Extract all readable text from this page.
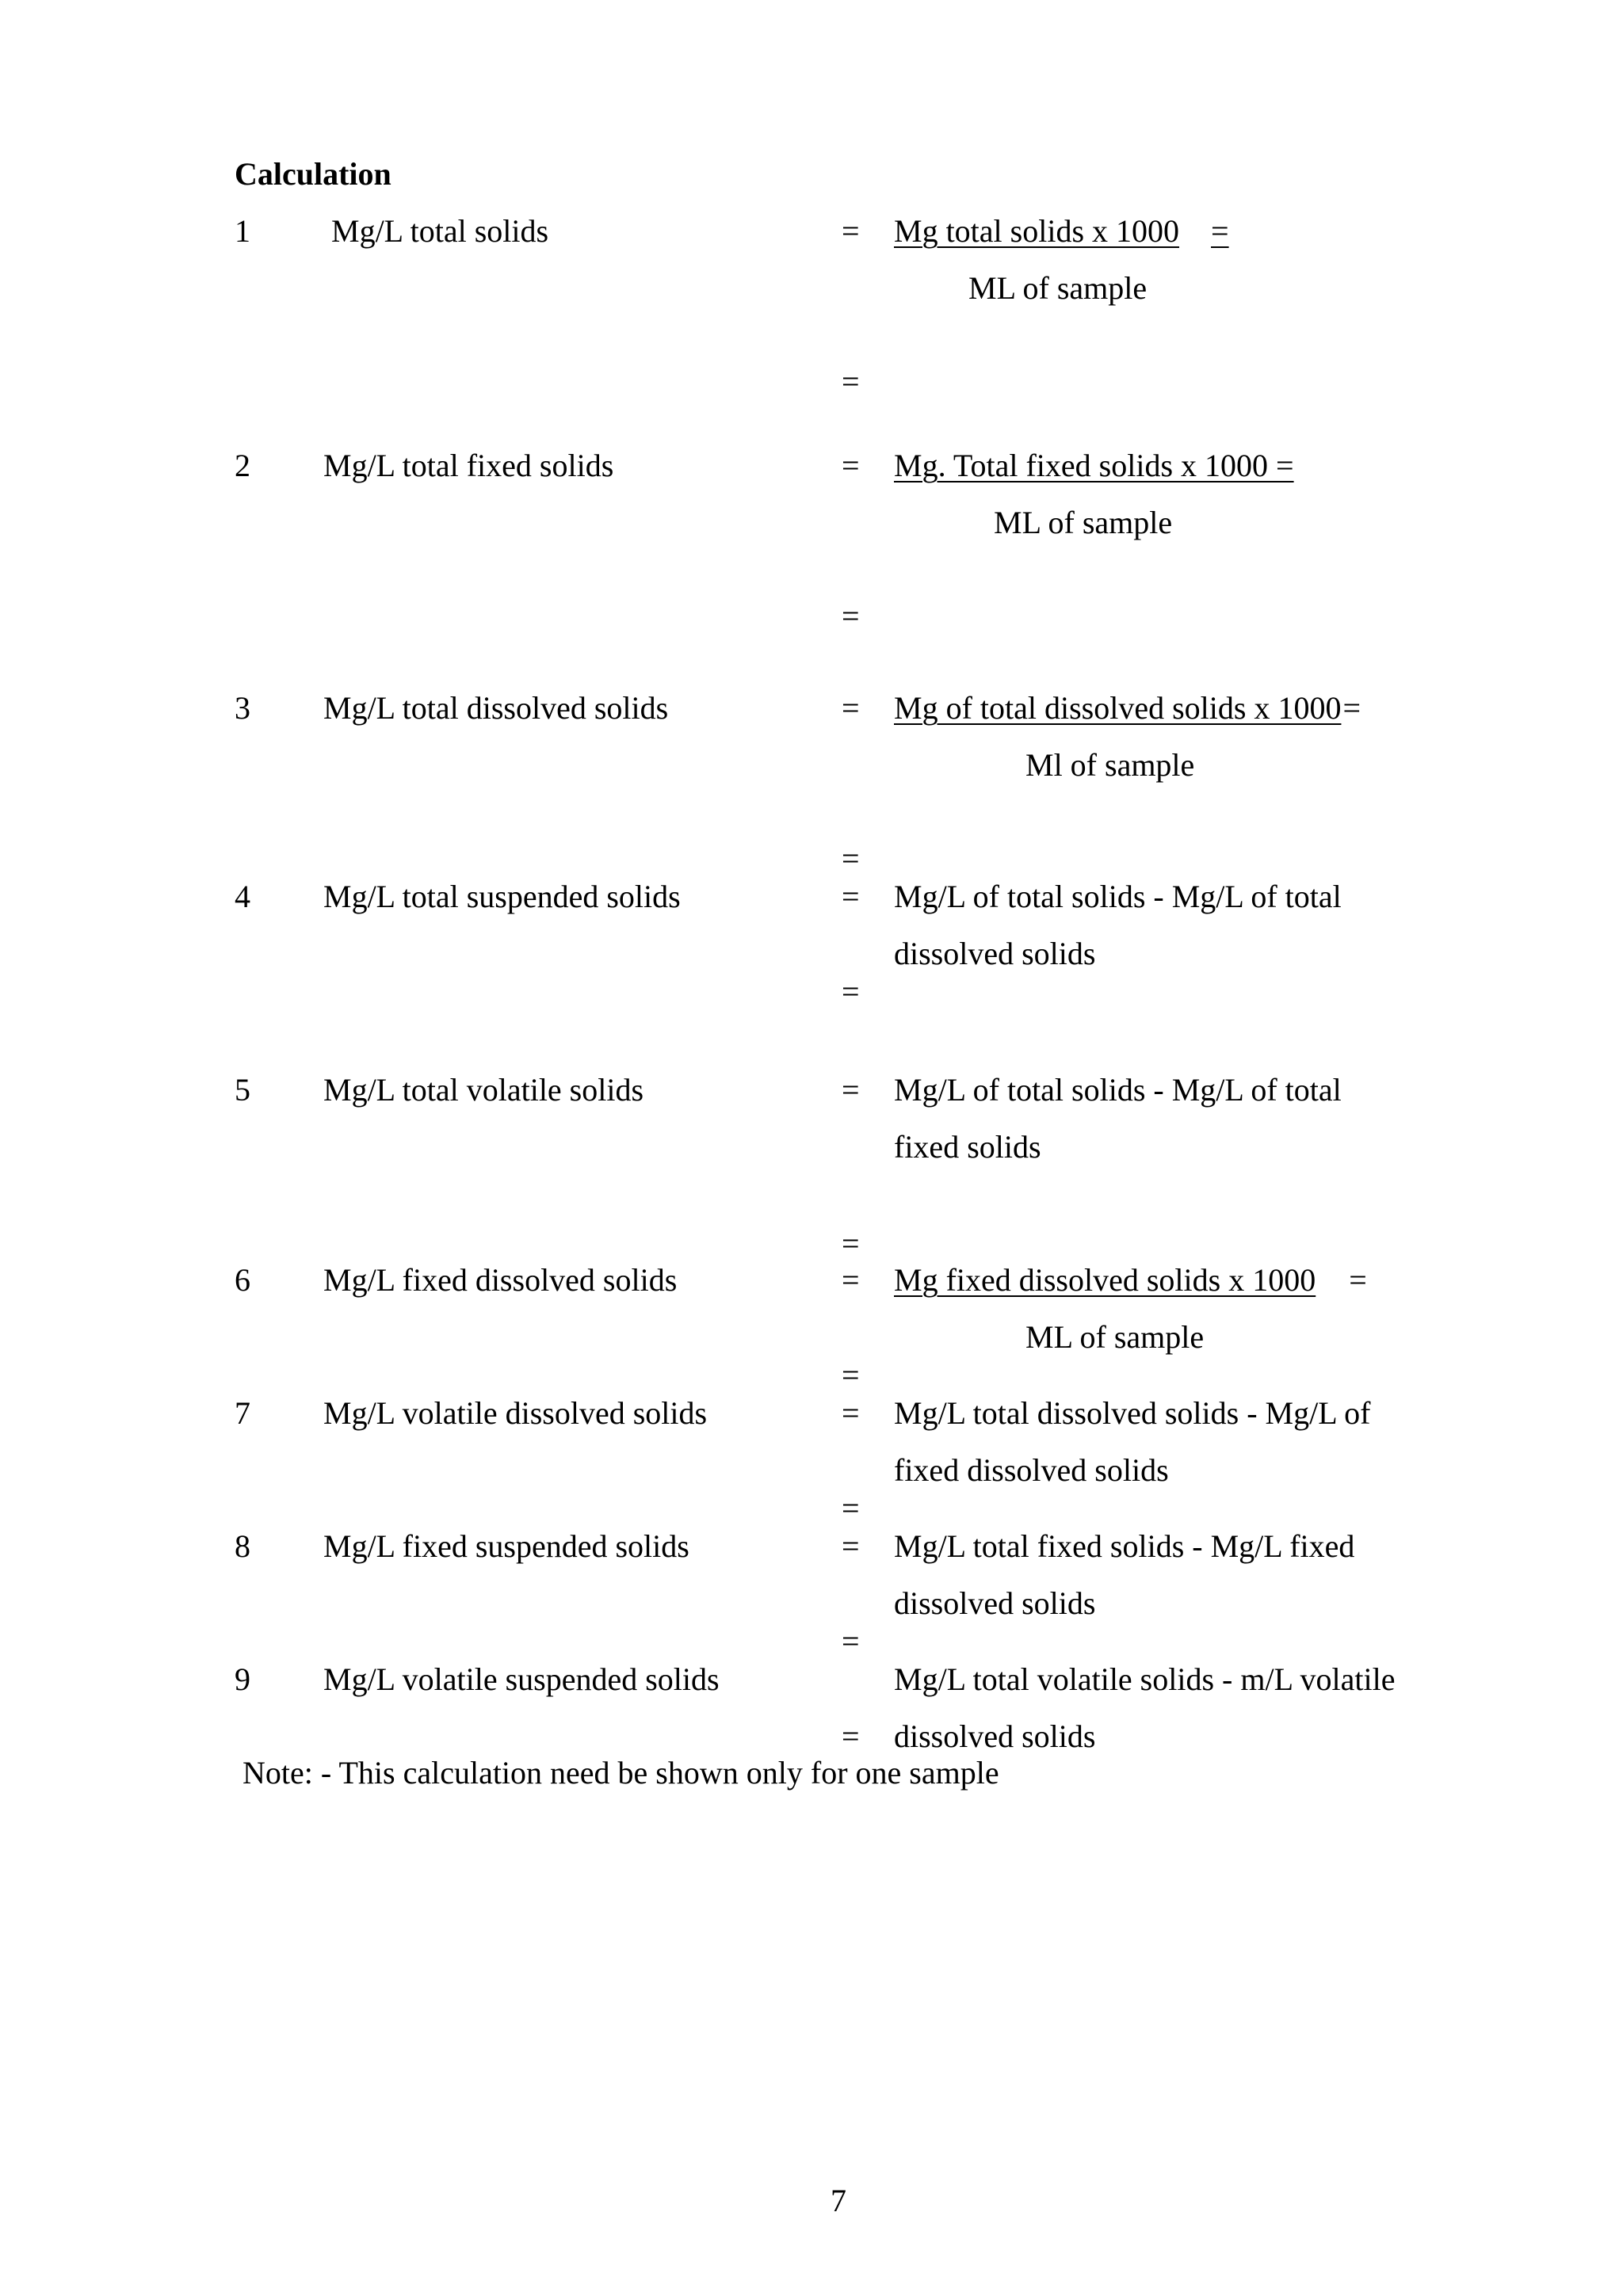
Calculation

1	Mg/L total solids	= Mg total solids x 1000 =

ML of sample

=

2 Mg/L total fixed solids	= Mg. Total fixed solids x 1000 =

ML of sample

=

3 Mg/L total dissolved solids	= Mg of total dissolved solids x 1000=

Ml of sample

=

4 Mg/L total suspended solids	= Mg/L of total solids - Mg/L of total

dissolved solids

=

5 Mg/L total volatile solids	= Mg/L of total solids - Mg/L of total

fixed solids

=

6 Mg/L fixed dissolved solids	= Mg fixed dissolved solids x 1000 =

ML of sample

=

7 Mg/L volatile dissolved solids	= Mg/L total dissolved solids - Mg/L of

fixed dissolved solids

=

8 Mg/L fixed suspended solids	= Mg/L total fixed solids - Mg/L fixed

dissolved solids

=

9 Mg/L volatile suspended solids	Mg/L total volatile solids - m/L volatile

= dissolved solids

Note: - This calculation need be shown only for one sample

7
